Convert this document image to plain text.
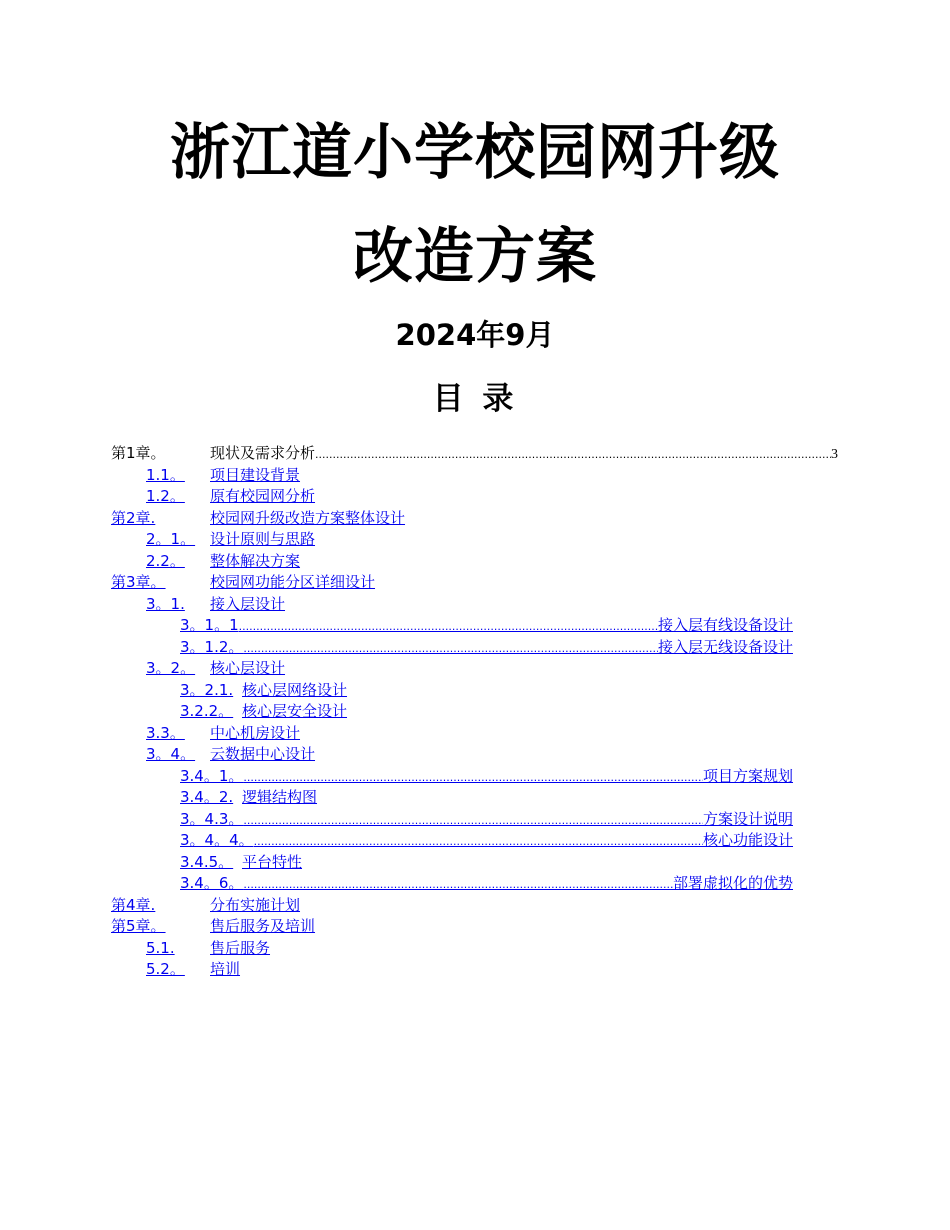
浙江道小学校园网升级
改造方案
2024年9月
目 录
第1章。	现状及需求分析 .....	3
1.1。	项目建设背景
1.2。	原有校园网分析
第2章.	校园网升级改造方案整体设计
2。1。 设计原则与思路
2.2。	整体解决方案
第3章。	校园网功能分区详细设计
3。1.	接入层设计
3。1。1 .....	接入层有线设备设计
3。1.2。 .....	接入层无线设备设计
3。2。 核心层设计
3。2.1. 核心层网络设计
3.2.2。 核心层安全设计
3.3。	中心机房设计
3。4。 云数据中心设计
3.4。1。 .....	项目方案规划
3.4。2. 逻辑结构图
3。4.3。 .....	方案设计说明
3。4。4。 .....	核心功能设计
3.4.5。 平台特性
3.4。6。 .....	部署虚拟化的优势
第4章.	分布实施计划
第5章。	售后服务及培训
5.1.	售后服务
5.2。	培训
